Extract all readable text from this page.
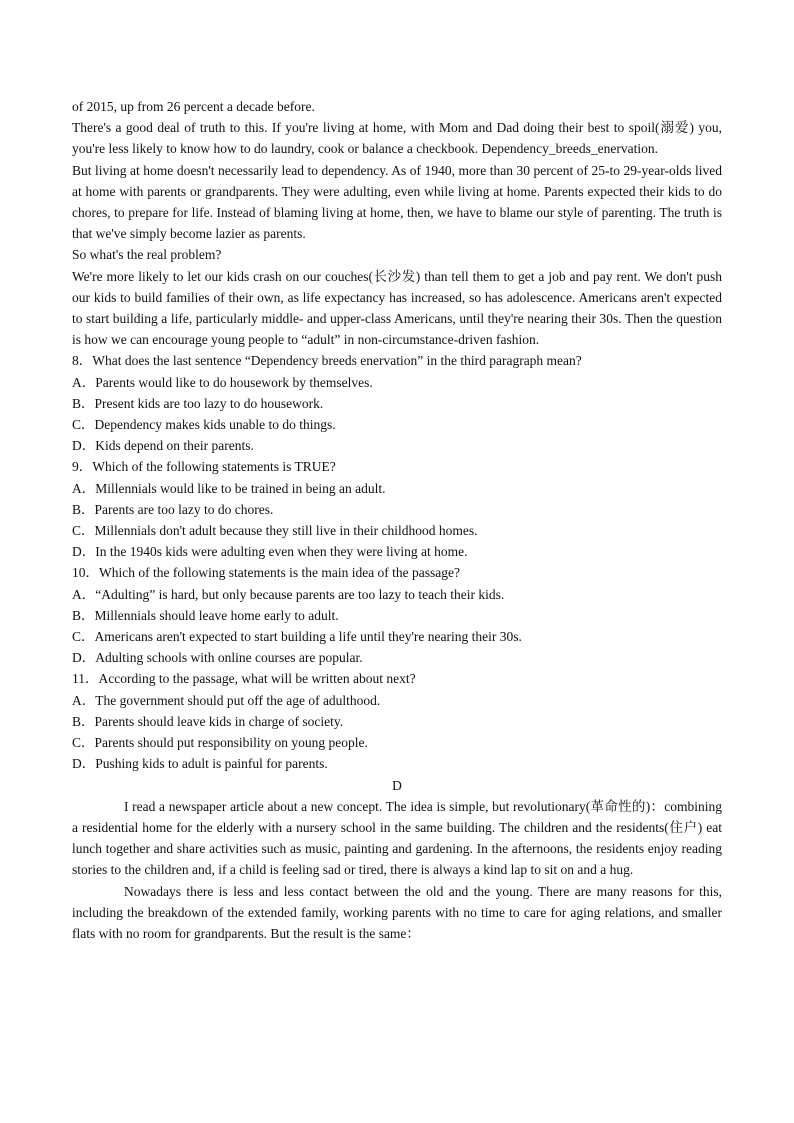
of 2015, up from 26 percent a decade before.

There's a good deal of truth to this. If you're living at home, with Mom and Dad doing their best to spoil(溺爱) you, you're less likely to know how to do laundry, cook or balance a checkbook. Dependency_breeds_enervation.

But living at home doesn't necessarily lead to dependency. As of 1940, more than 30 percent of 25-to 29-year-olds lived at home with parents or grandparents. They were adulting, even while living at home. Parents expected their kids to do chores, to prepare for life. Instead of blaming living at home, then, we have to blame our style of parenting. The truth is that we've simply become lazier as parents.

So what's the real problem?

We're more likely to let our kids crash on our couches(长沙发) than tell them to get a job and pay rent. We don't push our kids to build families of their own, as life expectancy has increased, so has adolescence. Americans aren't expected to start building a life, particularly middle- and upper-class Americans, until they're nearing their 30s. Then the question is how we can encourage young people to “adult” in non-circumstance-driven fashion.

8．What does the last sentence “Dependency breeds enervation” in the third paragraph mean?

A．Parents would like to do housework by themselves.

B．Present kids are too lazy to do housework.

C．Dependency makes kids unable to do things.

D．Kids depend on their parents.

9．Which of the following statements is TRUE?

A．Millennials would like to be trained in being an adult.

B．Parents are too lazy to do chores.

C．Millennials don't adult because they still live in their childhood homes.

D．In the 1940s kids were adulting even when they were living at home.

10．Which of the following statements is the main idea of the passage?

A．“Adulting” is hard, but only because parents are too lazy to teach their kids.

B．Millennials should leave home early to adult.

C．Americans aren't expected to start building a life until they're nearing their 30s.

D．Adulting schools with online courses are popular.

11．According to the passage, what will be written about next?

A．The government should put off the age of adulthood.

B．Parents should leave kids in charge of society.

C．Parents should put responsibility on young people.

D．Pushing kids to adult is painful for parents.

D

I read a newspaper article about a new concept. The idea is simple, but revolutionary(革命性的)：combining a residential home for the elderly with a nursery school in the same building. The children and the residents(住户) eat lunch together and share activities such as music, painting and gardening. In the afternoons, the residents enjoy reading stories to the children and, if a child is feeling sad or tired, there is always a kind lap to sit on and a hug.

Nowadays there is less and less contact between the old and the young. There are many reasons for this, including the breakdown of the extended family, working parents with no time to care for aging relations, and smaller flats with no room for grandparents. But the result is the same：
